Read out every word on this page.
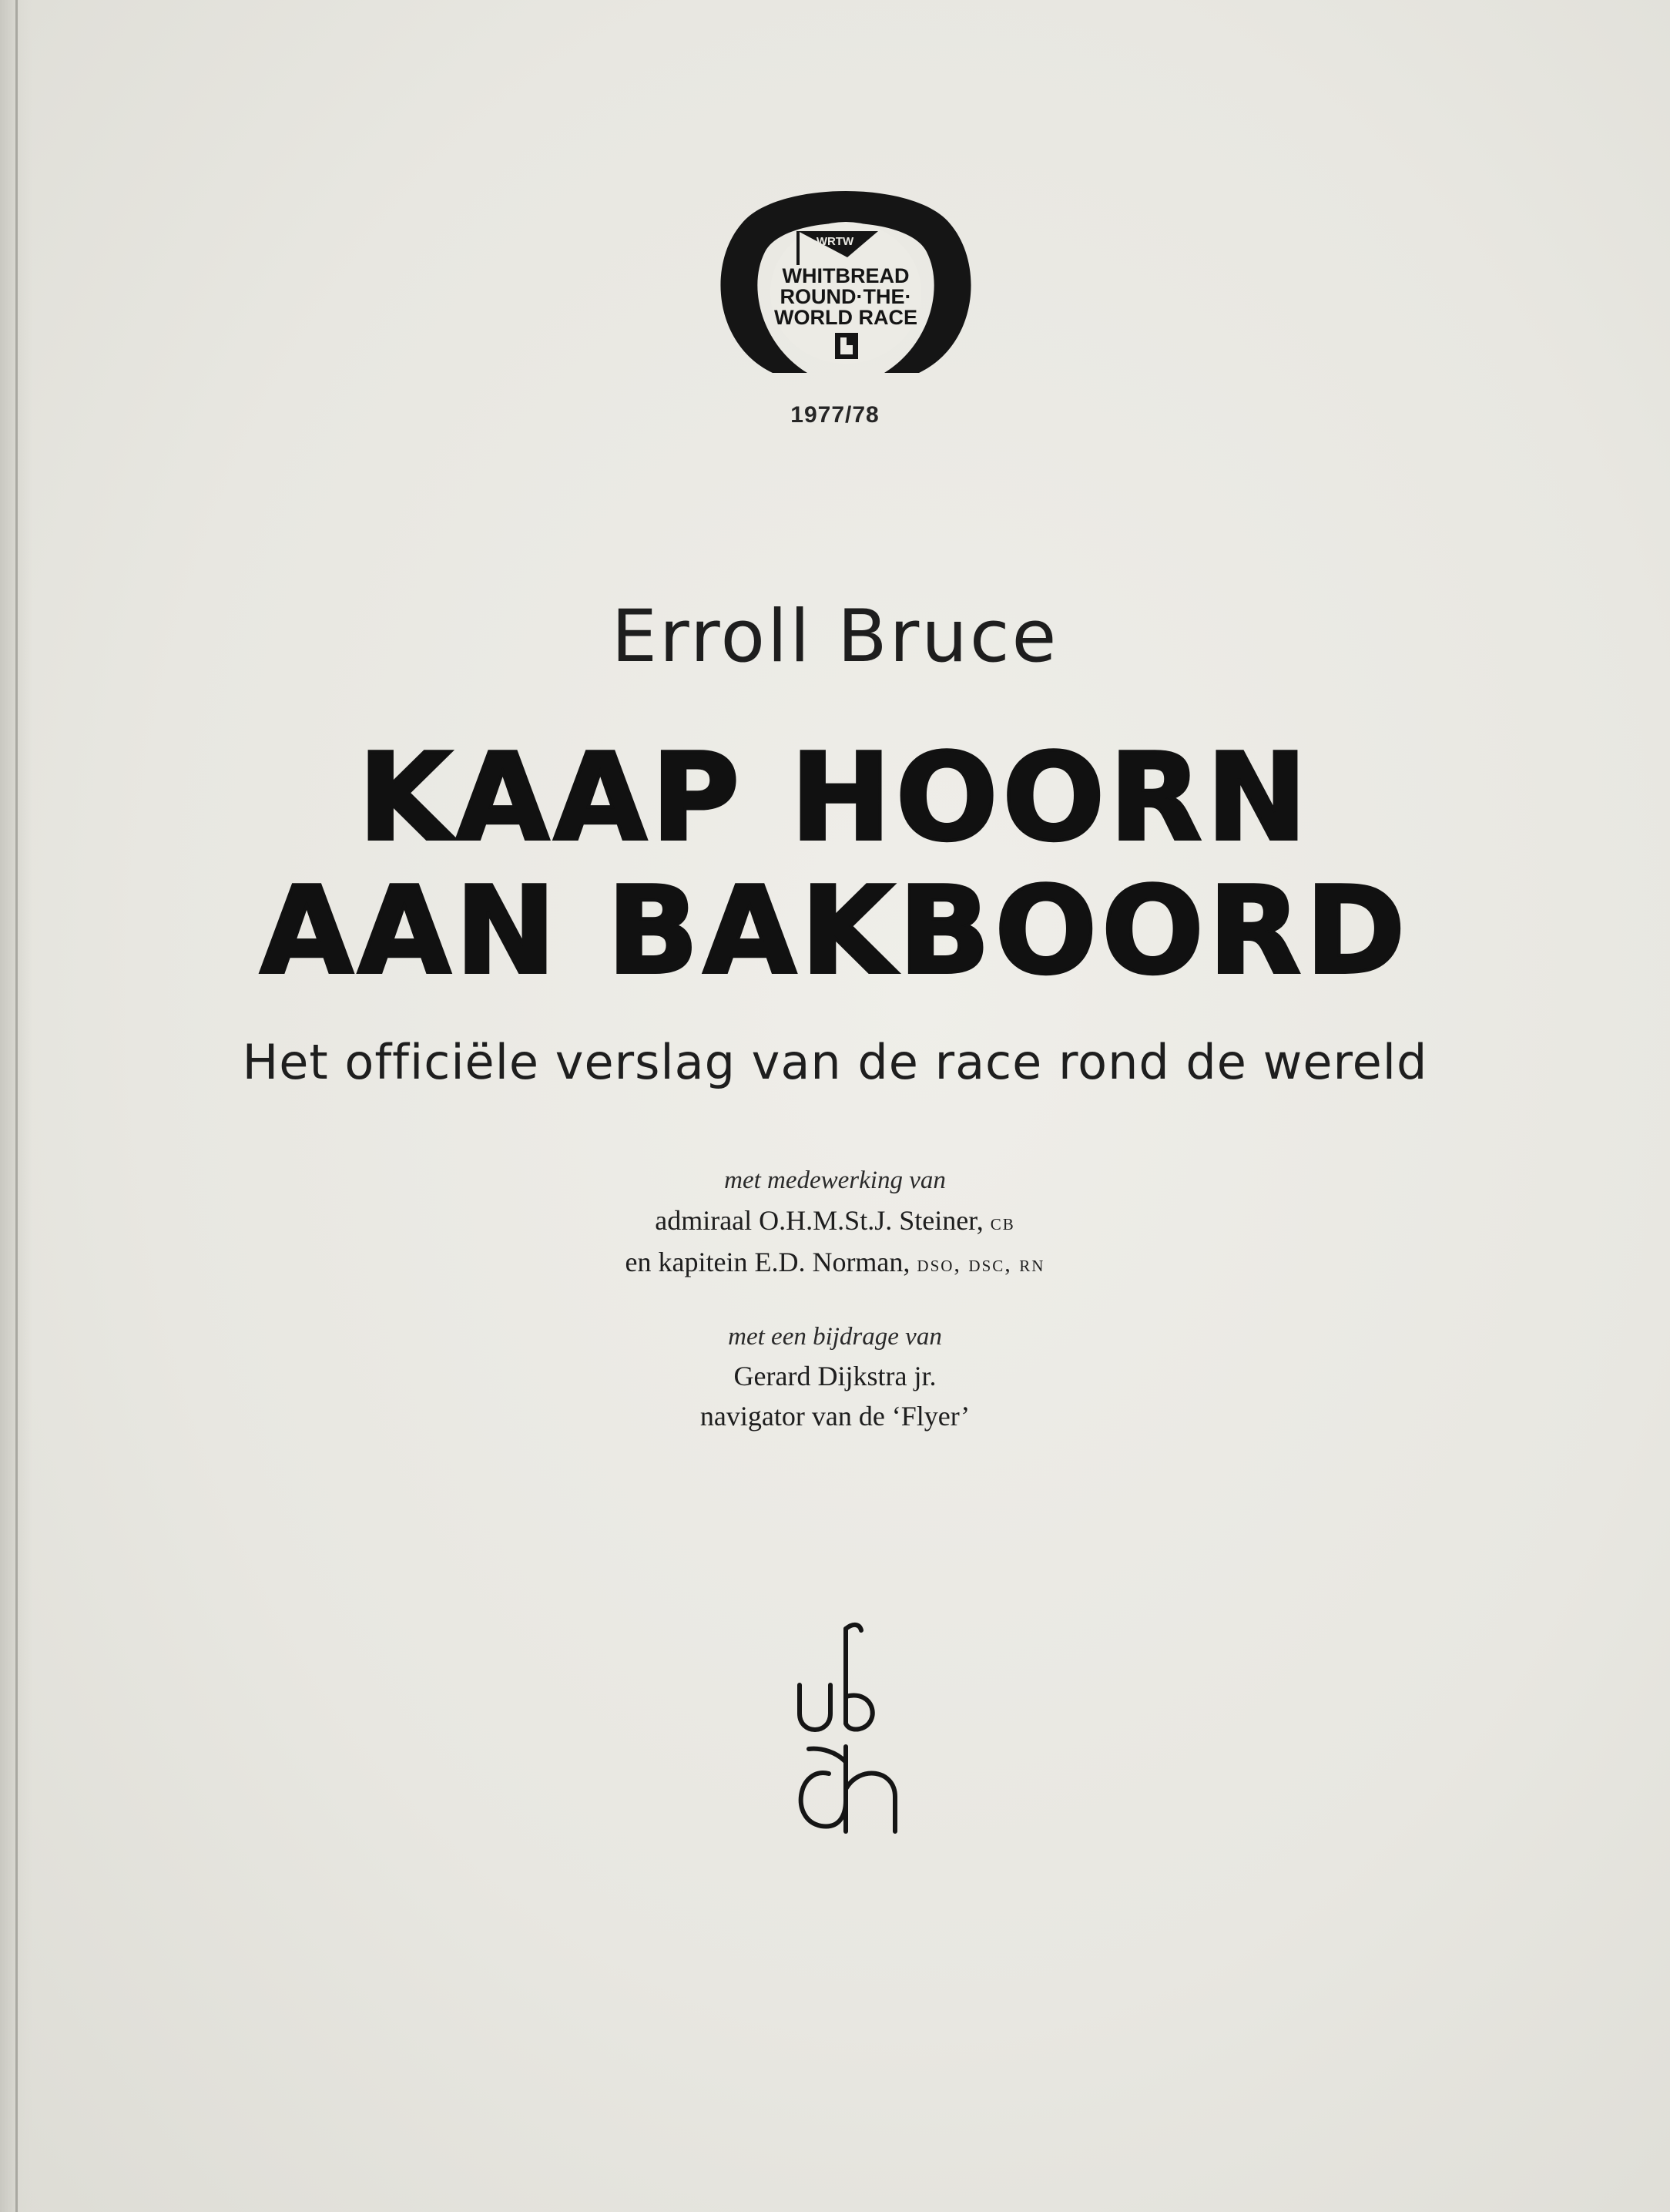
WRTW
WHITBREAD
ROUND·THE·
WORLD RACE
1977/78
Erroll Bruce
KAAP HOORN
AAN BAKBOORD
Het officiële verslag van de race rond de wereld
met medewerking van
admiraal O.H.M.St.J. Steiner, cb
en kapitein E.D. Norman, dso, dsc, rn
met een bijdrage van
Gerard Dijkstra jr.
navigator van de ‘Flyer’
